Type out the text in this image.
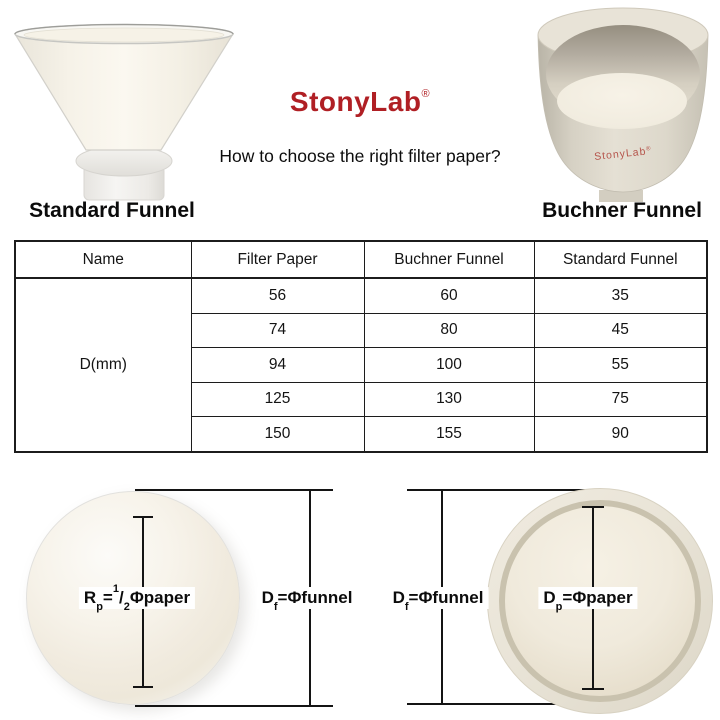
StonyLab®
StonyLab®
How to choose the right filter paper?
Standard Funnel	Buchner Funnel
Name	Filter Paper	Buchner Funnel	Standard Funnel
D(mm)	56	60	35
	74	80	45
	94	100	55
	125	130	75
	150	155	90
$R_p=^1/_2\Phi paper$	$D_f=\Phi funnel$ $D_f=\Phi funnel$	$D_p=\Phi paper$
